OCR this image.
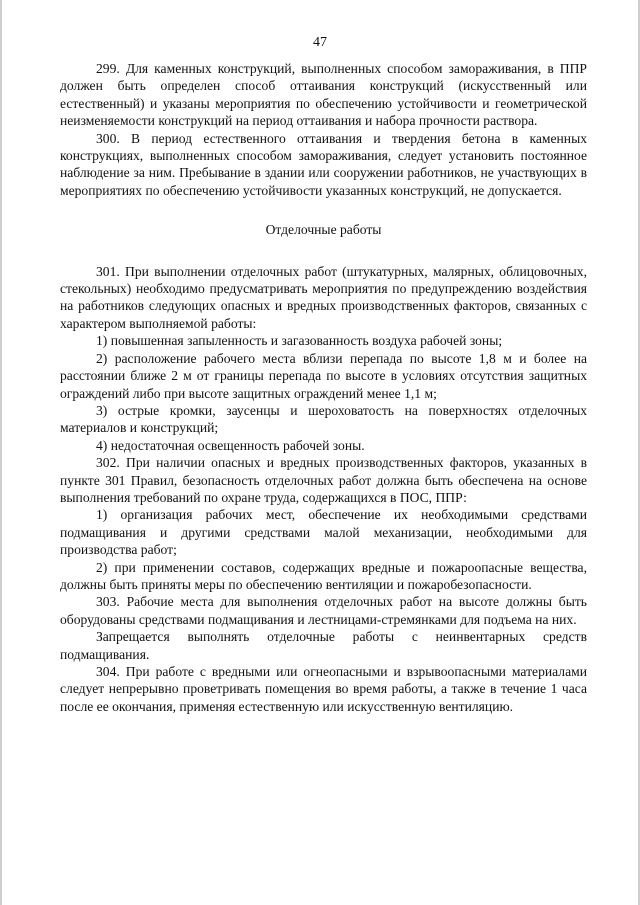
47

299. Для каменных конструкций, выполненных способом замораживания, в ППР должен быть определен способ оттаивания конструкций (искусственный или естественный) и указаны мероприятия по обеспечению устойчивости и геометрической неизменяемости конструкций на период оттаивания и набора прочности раствора.

300. В период естественного оттаивания и твердения бетона в каменных конструкциях, выполненных способом замораживания, следует установить постоянное наблюдение за ним. Пребывание в здании или сооружении работников, не участвующих в мероприятиях по обеспечению устойчивости указанных конструкций, не допускается.

Отделочные работы

301. При выполнении отделочных работ (штукатурных, малярных, облицовочных, стекольных) необходимо предусматривать мероприятия по предупреждению воздействия на работников следующих опасных и вредных производственных факторов, связанных с характером выполняемой работы:

1) повышенная запыленность и загазованность воздуха рабочей зоны;

2) расположение рабочего места вблизи перепада по высоте 1,8 м и более на расстоянии ближе 2 м от границы перепада по высоте в условиях отсутствия защитных ограждений либо при высоте защитных ограждений менее 1,1 м;

3) острые кромки, заусенцы и шероховатость на поверхностях отделочных материалов и конструкций;

4) недостаточная освещенность рабочей зоны.

302. При наличии опасных и вредных производственных факторов, указанных в пункте 301 Правил, безопасность отделочных работ должна быть обеспечена на основе выполнения требований по охране труда, содержащихся в ПОС, ППР:

1) организация рабочих мест, обеспечение их необходимыми средствами подмащивания и другими средствами малой механизации, необходимыми для производства работ;

2) при применении составов, содержащих вредные и пожароопасные вещества, должны быть приняты меры по обеспечению вентиляции и пожаробезопасности.

303. Рабочие места для выполнения отделочных работ на высоте должны быть оборудованы средствами подмащивания и лестницами-стремянками для подъема на них.

Запрещается выполнять отделочные работы с неинвентарных средств подмащивания.

304. При работе с вредными или огнеопасными и взрывоопасными материалами следует непрерывно проветривать помещения во время работы, а также в течение 1 часа после ее окончания, применяя естественную или искусственную вентиляцию.
